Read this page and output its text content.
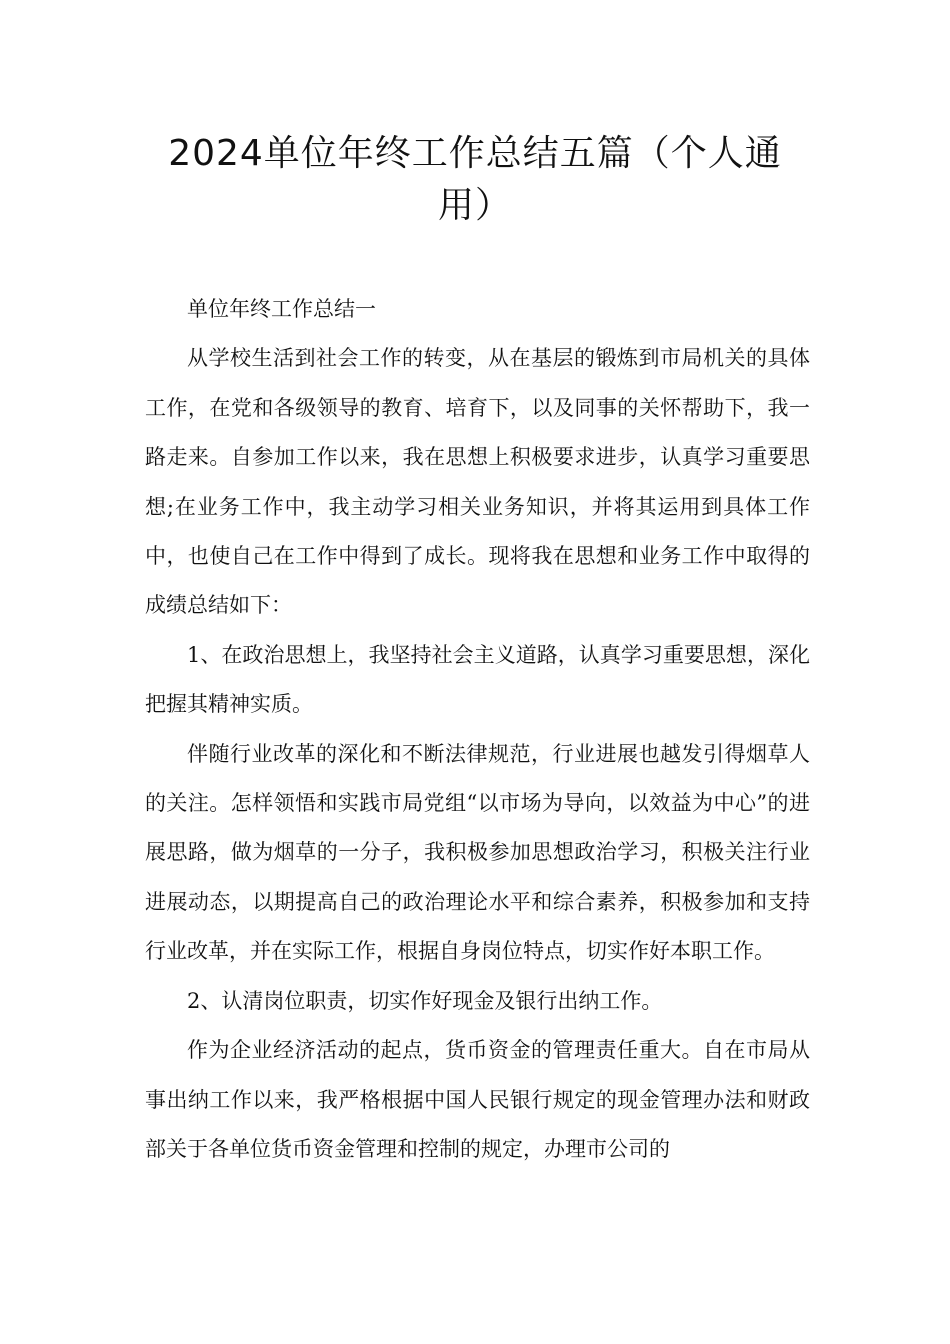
2024单位年终工作总结五篇（个人通用）

单位年终工作总结一

从学校生活到社会工作的转变，从在基层的锻炼到市局机关的具体工作，在党和各级领导的教育、培育下，以及同事的关怀帮助下，我一路走来。自参加工作以来，我在思想上积极要求进步，认真学习重要思想;在业务工作中，我主动学习相关业务知识，并将其运用到具体工作中，也使自己在工作中得到了成长。现将我在思想和业务工作中取得的成绩总结如下：

1、在政治思想上，我坚持社会主义道路，认真学习重要思想，深化把握其精神实质。

伴随行业改革的深化和不断法律规范，行业进展也越发引得烟草人的关注。怎样领悟和实践市局党组“以市场为导向，以效益为中心”的进展思路，做为烟草的一分子，我积极参加思想政治学习，积极关注行业进展动态，以期提高自己的政治理论水平和综合素养，积极参加和支持行业改革，并在实际工作，根据自身岗位特点，切实作好本职工作。

2、认清岗位职责，切实作好现金及银行出纳工作。

作为企业经济活动的起点，货币资金的管理责任重大。自在市局从事出纳工作以来，我严格根据中国人民银行规定的现金管理办法和财政部关于各单位货币资金管理和控制的规定，办理市公司的
